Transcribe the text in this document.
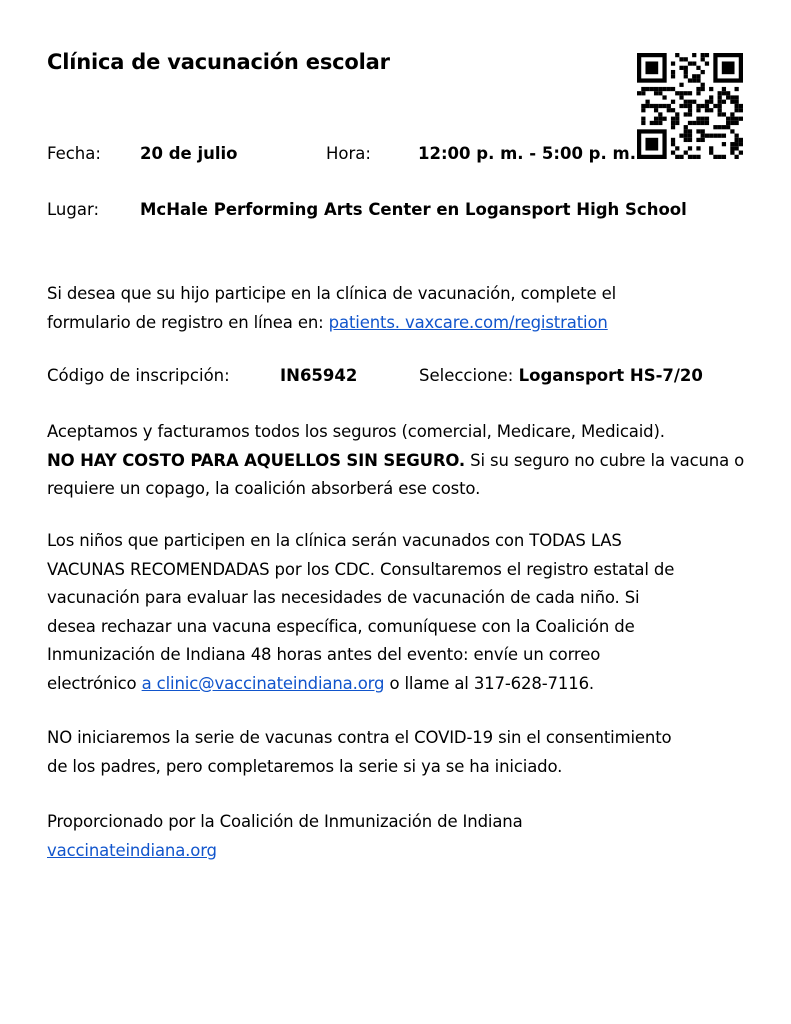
Clínica de vacunación escolar
Fecha: 20 de julio	Hora:	12:00 p. m. - 5:00 p. m.
Lugar: McHale Performing Arts Center en Logansport High School

Si desea que su hijo participe en la clínica de vacunación, complete el
formulario de registro en línea en: patients. vaxcare.com/registration

Código de inscripción:	IN65942	Seleccione: Logansport HS-7/20

Aceptamos y facturamos todos los seguros (comercial, Medicare, Medicaid).
NO HAY COSTO PARA AQUELLOS SIN SEGURO. Si su seguro no cubre la vacuna o requiere un copago, la coalición absorberá ese costo.

Los niños que participen en la clínica serán vacunados con TODAS LAS
VACUNAS RECOMENDADAS por los CDC. Consultaremos el registro estatal de
vacunación para evaluar las necesidades de vacunación de cada niño. Si
desea rechazar una vacuna específica, comuníquese con la Coalición de
Inmunización de Indiana 48 horas antes del evento: envíe un correo
electrónico a clinic@vaccinateindiana.org o llame al 317-628-7116.

NO iniciaremos la serie de vacunas contra el COVID-19 sin el consentimiento
de los padres, pero completaremos la serie si ya se ha iniciado.

Proporcionado por la Coalición de Inmunización de Indiana
vaccinateindiana.org
